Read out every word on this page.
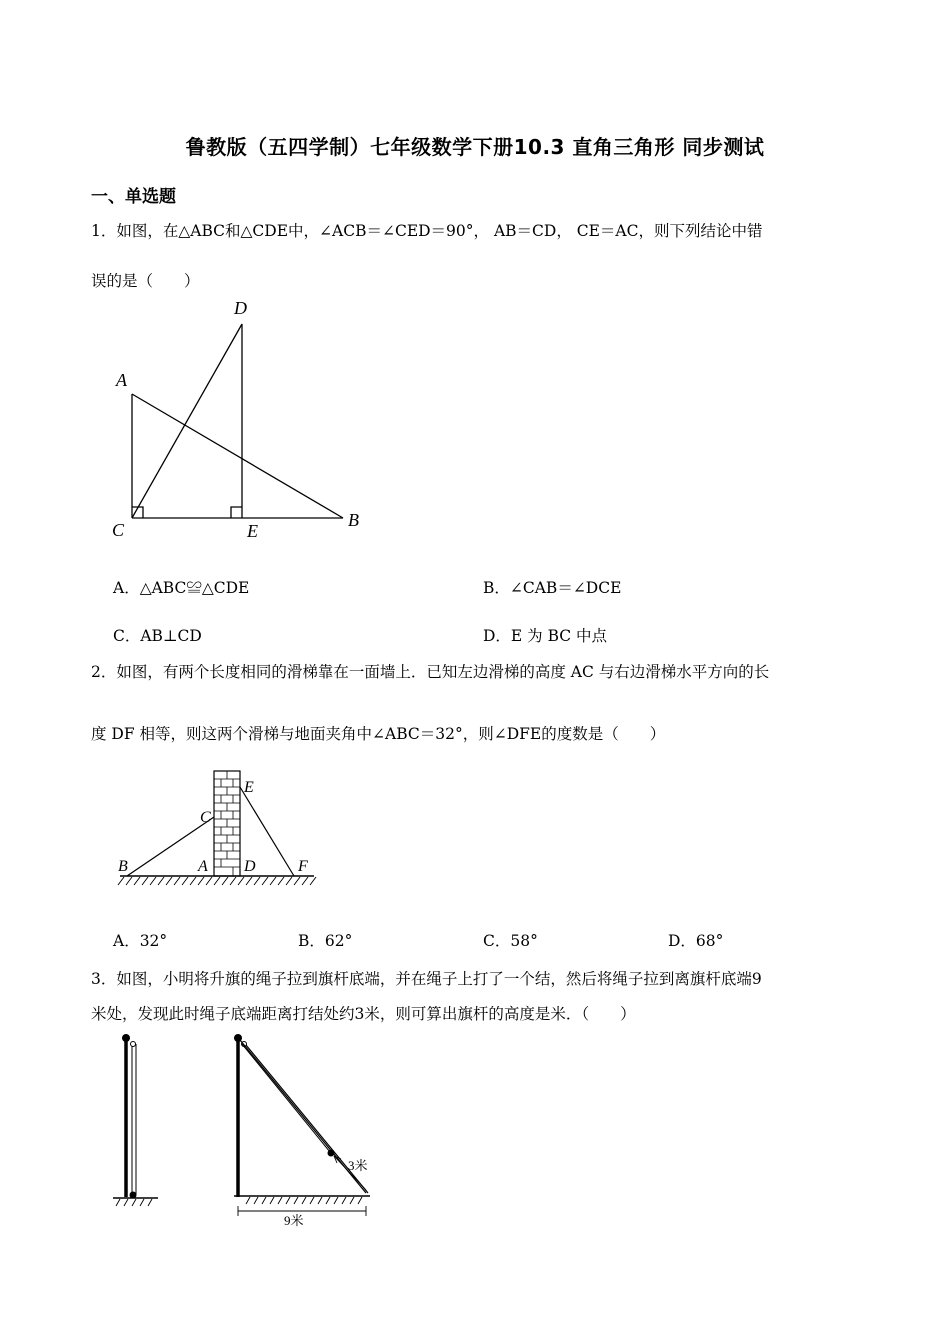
鲁教版（五四学制）七年级数学下册10.3 直角三角形 同步测试
一、单选题
1．如图，在△ABC和△CDE中，∠ACB＝∠CED＝90°， AB＝CD， CE＝AC，则下列结论中错
误的是（　　）
A
D
C	E
B
A．△ABC≌△CDE	B．∠CAB＝∠DCE
C．AB⊥CD	D．E 为 BC 中点
2．如图，有两个长度相同的滑梯靠在一面墙上．已知左边滑梯的高度 AC 与右边滑梯水平方向的长
度 DF 相等，则这两个滑梯与地面夹角中∠ABC＝32°，则∠DFE的度数是（　　）
C
E
B	A D	F
A．32°	B．62°	C．58°	D．68°
3．如图，小明将升旗的绳子拉到旗杆底端，并在绳子上打了一个结，然后将绳子拉到离旗杆底端9
米处，发现此时绳子底端距离打结处约3米，则可算出旗杆的高度是米．（　　）
3米
9米
